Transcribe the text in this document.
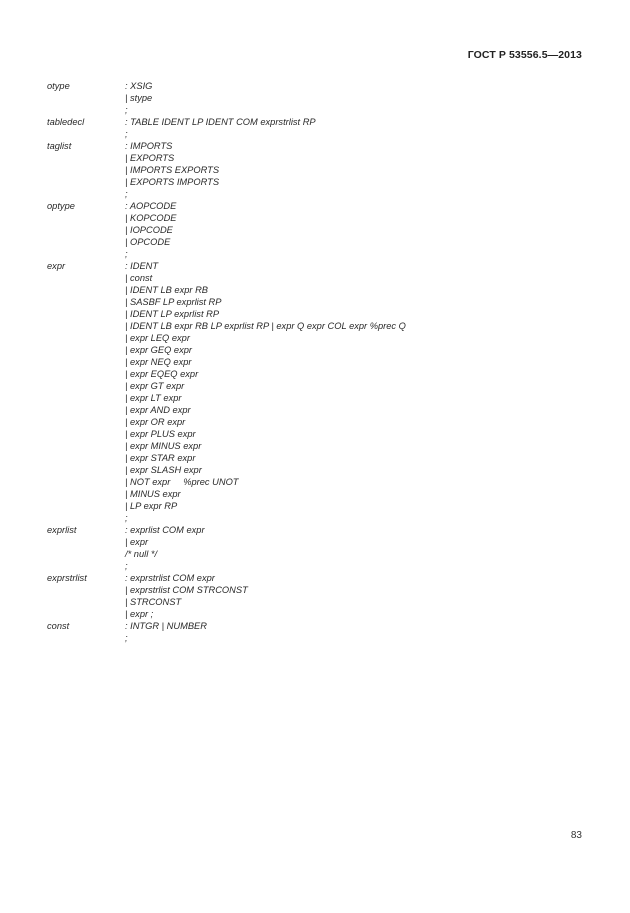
ГОСТ Р 53556.5—2013
otype	: XSIG
| stype
;
tabledecl	: TABLE IDENT LP IDENT COM exprstrlist RP
;
taglist	: IMPORTS
| EXPORTS
| IMPORTS EXPORTS
| EXPORTS IMPORTS
;
optype	: AOPCODE
| KOPCODE
| IOPCODE
| OPCODE
;
expr	: IDENT
| const
| IDENT LB expr RB
| SASBF LP exprlist RP
| IDENT LP exprlist RP
| IDENT LB expr RB LP exprlist RP | expr Q expr COL expr %prec Q
| expr LEQ expr
| expr GEQ expr
| expr NEQ expr
| expr EQEQ expr
| expr GT expr
| expr LT expr
| expr AND expr
| expr OR expr
| expr PLUS expr
| expr MINUS expr
| expr STAR expr
| expr SLASH expr
| NOT expr     %prec UNOT
| MINUS expr
| LP expr RP
;
exprlist	: exprlist COM expr
| expr
/* null */
;
exprstrlist	: exprstrlist COM expr
| exprstrlist COM STRCONST
| STRCONST
| expr ;
const	: INTGR | NUMBER
;
83
